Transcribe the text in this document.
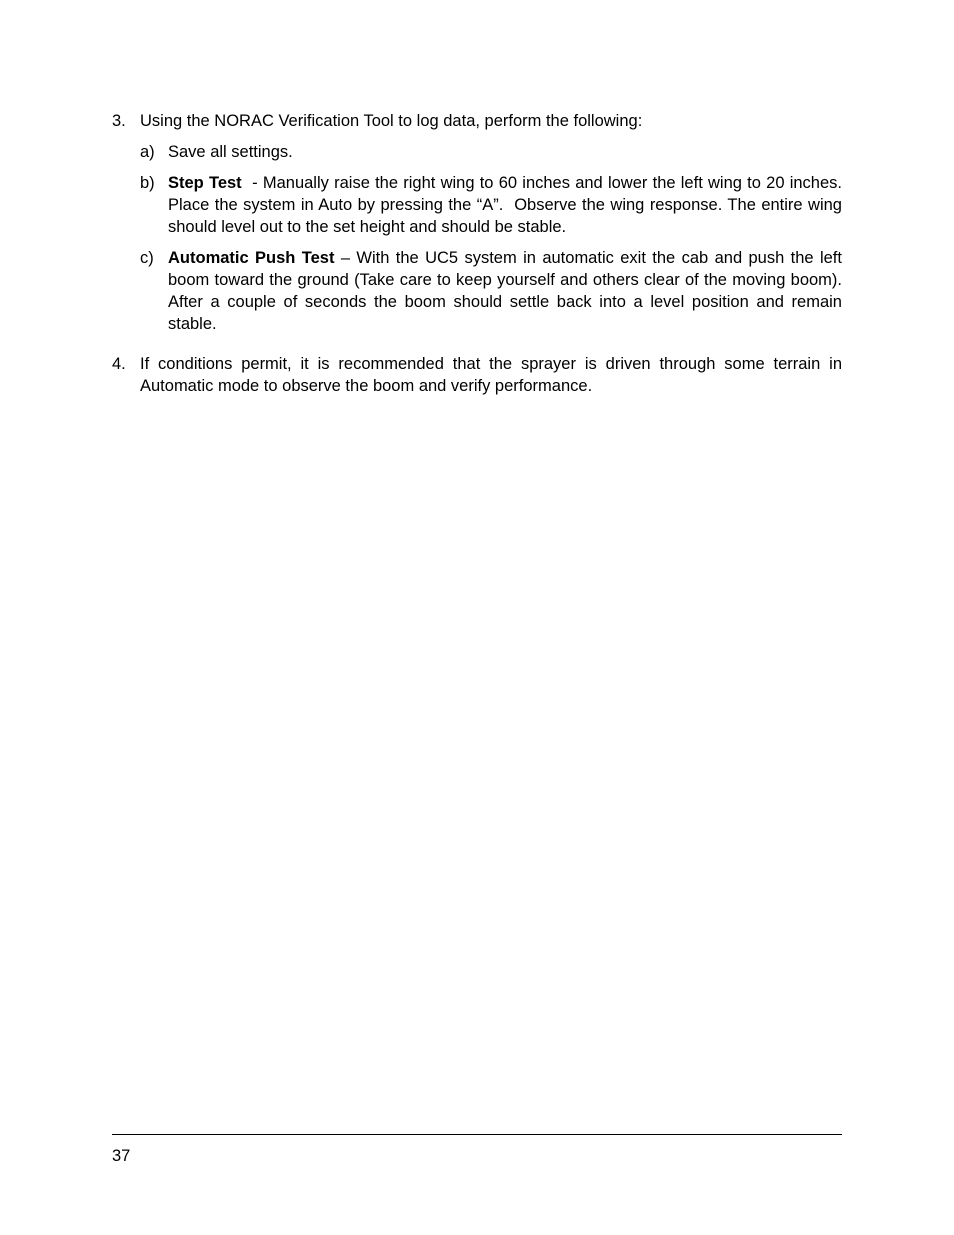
3. Using the NORAC Verification Tool to log data, perform the following:
a) Save all settings.
b) Step Test  - Manually raise the right wing to 60 inches and lower the left wing to 20 inches.  Place the system in Auto by pressing the “A”.  Observe the wing response. The entire wing should level out to the set height and should be stable.
c) Automatic Push Test – With the UC5 system in automatic exit the cab and push the left boom toward the ground (Take care to keep yourself and others clear of the moving boom).  After a couple of seconds the boom should settle back into a level position and remain stable.
4. If conditions permit, it is recommended that the sprayer is driven through some terrain in Automatic mode to observe the boom and verify performance.
37
